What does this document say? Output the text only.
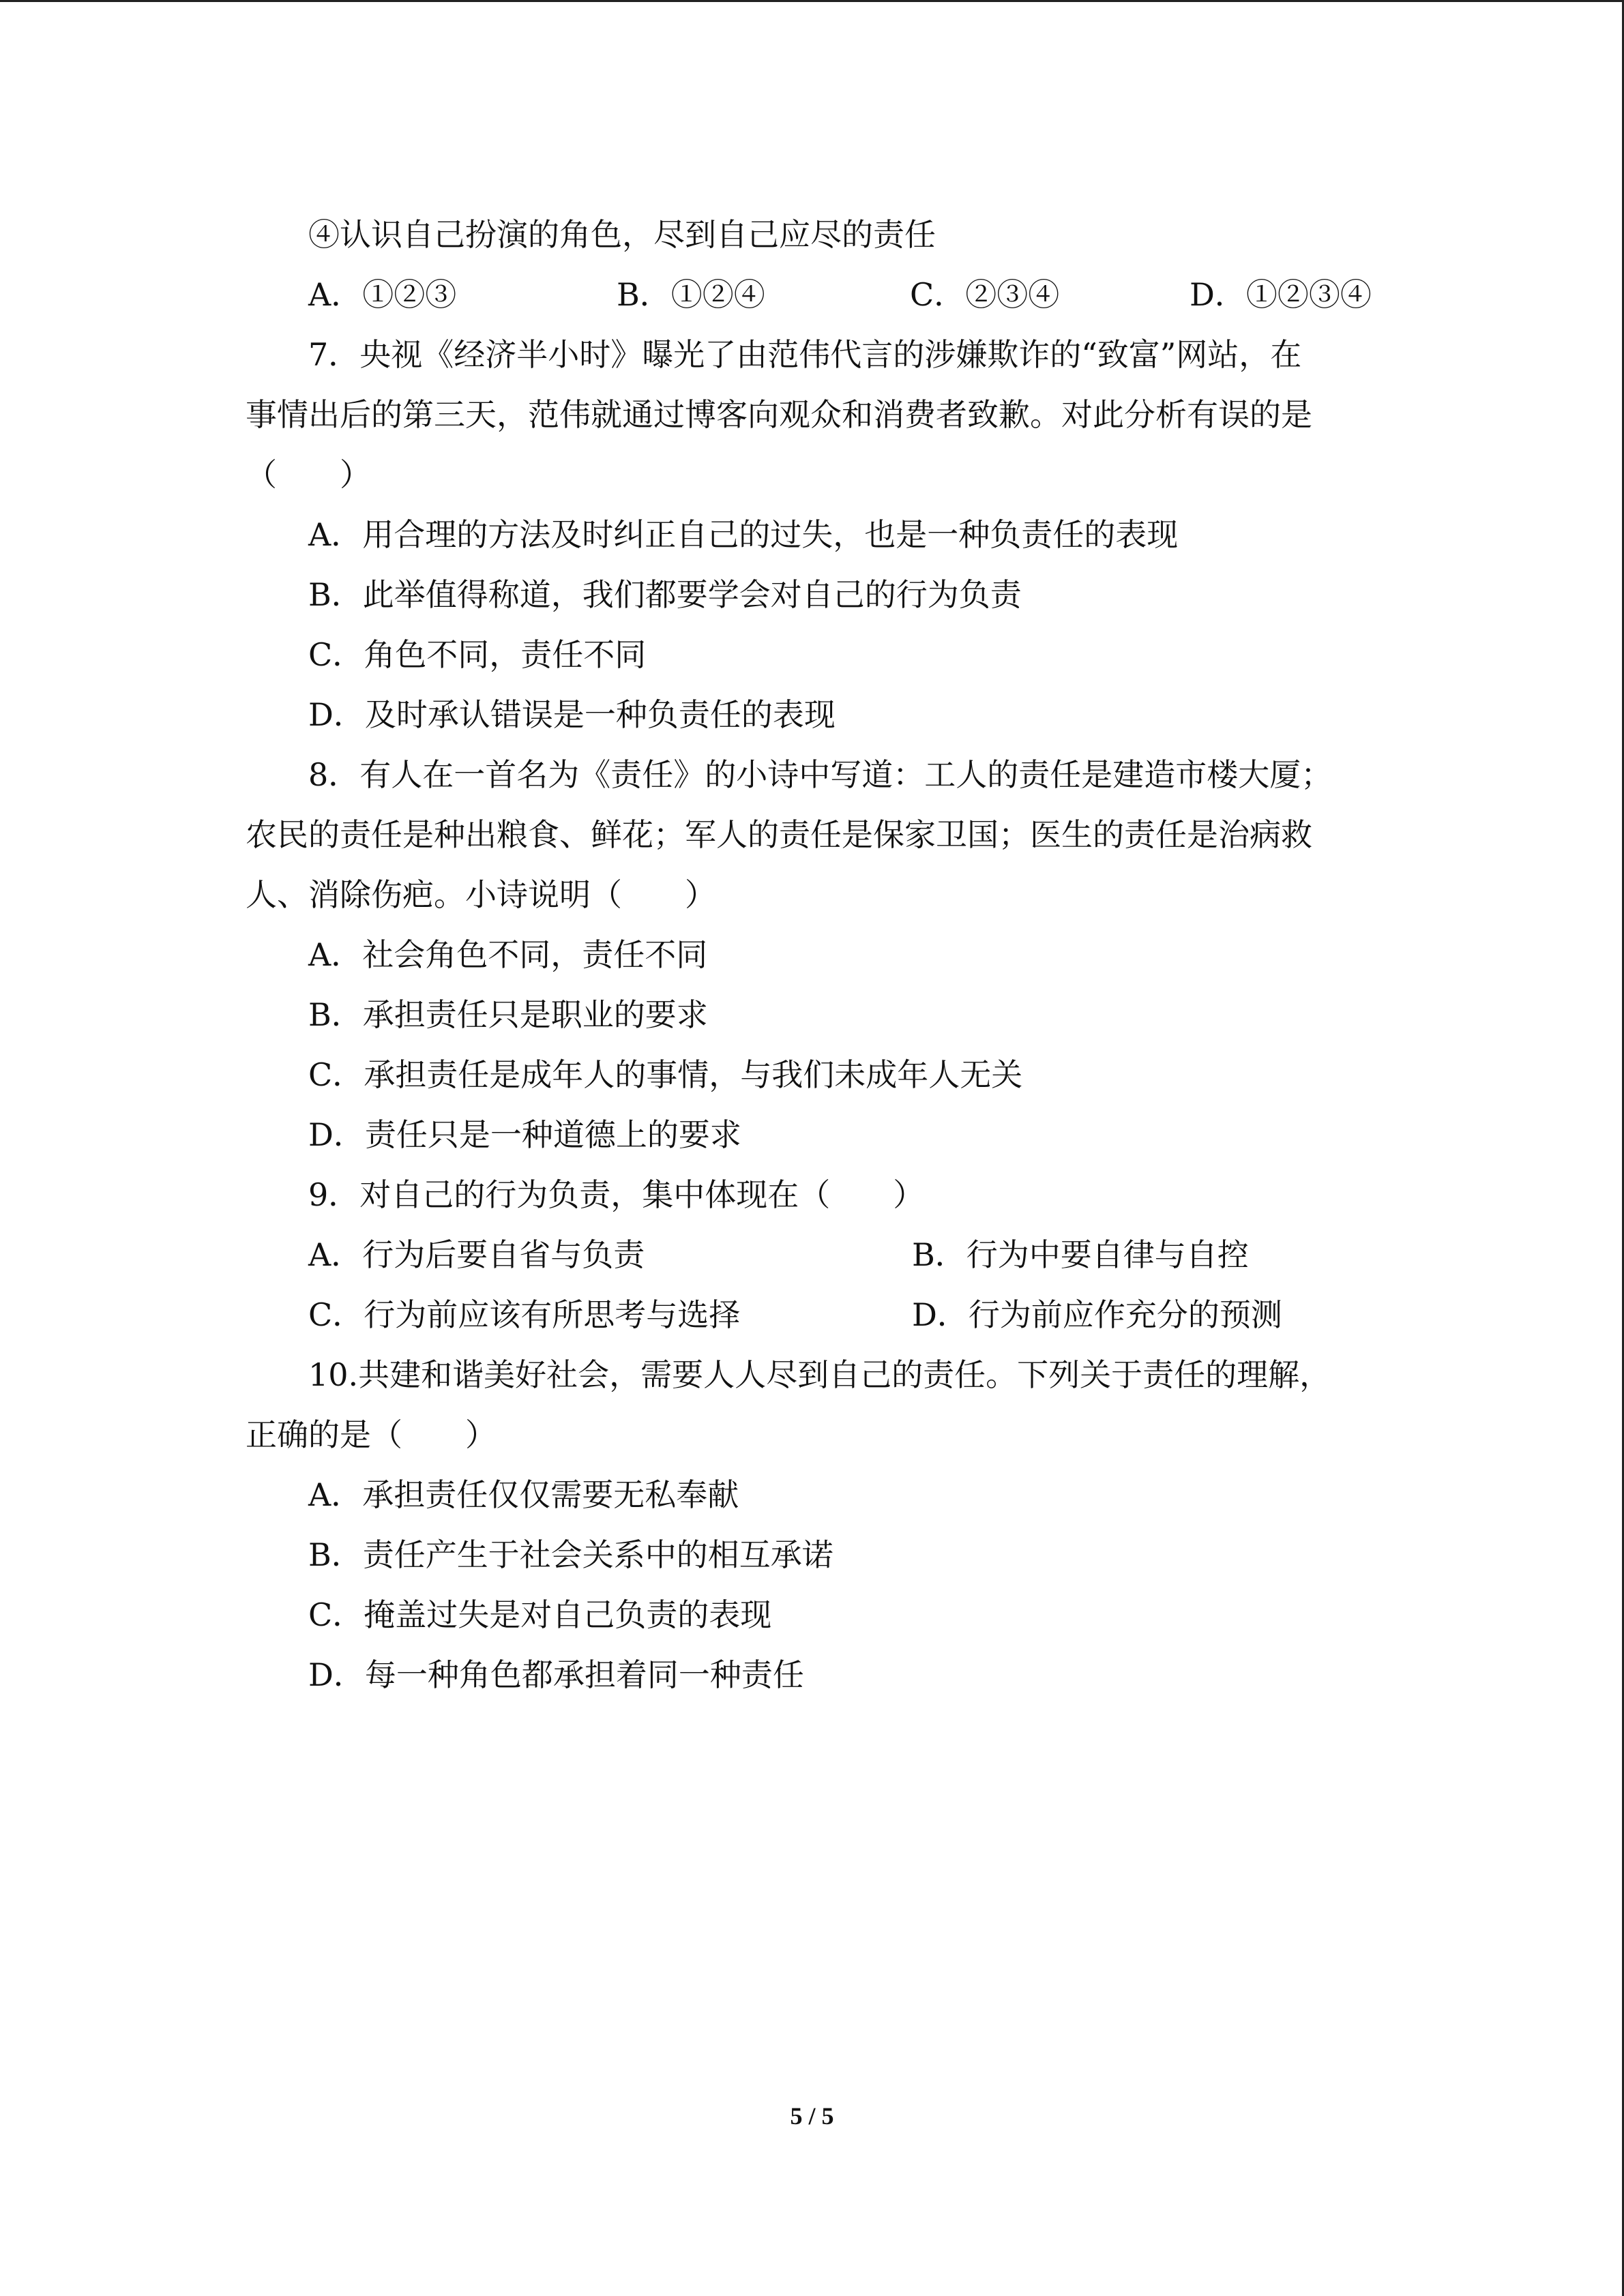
④认识自己扮演的角色，尽到自己应尽的责任
A．①②③	B．①②④	C．②③④	D．①②③④
7．央视《经济半小时》曝光了由范伟代言的涉嫌欺诈的“致富”网站，在
事情出后的第三天，范伟就通过博客向观众和消费者致歉。对此分析有误的是
（　　）
A．用合理的方法及时纠正自己的过失，也是一种负责任的表现
B．此举值得称道，我们都要学会对自己的行为负责
C．角色不同，责任不同
D．及时承认错误是一种负责任的表现
8．有人在一首名为《责任》的小诗中写道：工人的责任是建造市楼大厦；
农民的责任是种出粮食、鲜花；军人的责任是保家卫国；医生的责任是治病救
人、消除伤疤。小诗说明（　　）
A．社会角色不同，责任不同
B．承担责任只是职业的要求
C．承担责任是成年人的事情，与我们未成年人无关
D．责任只是一种道德上的要求
9．对自己的行为负责，集中体现在（　　）
A．行为后要自省与负责	B．行为中要自律与自控
C．行为前应该有所思考与选择	D．行为前应作充分的预测
10.共建和谐美好社会，需要人人尽到自己的责任。下列关于责任的理解，
正确的是（　　）
A．承担责任仅仅需要无私奉献
B．责任产生于社会关系中的相互承诺
C．掩盖过失是对自己负责的表现
D．每一种角色都承担着同一种责任
5 / 5
